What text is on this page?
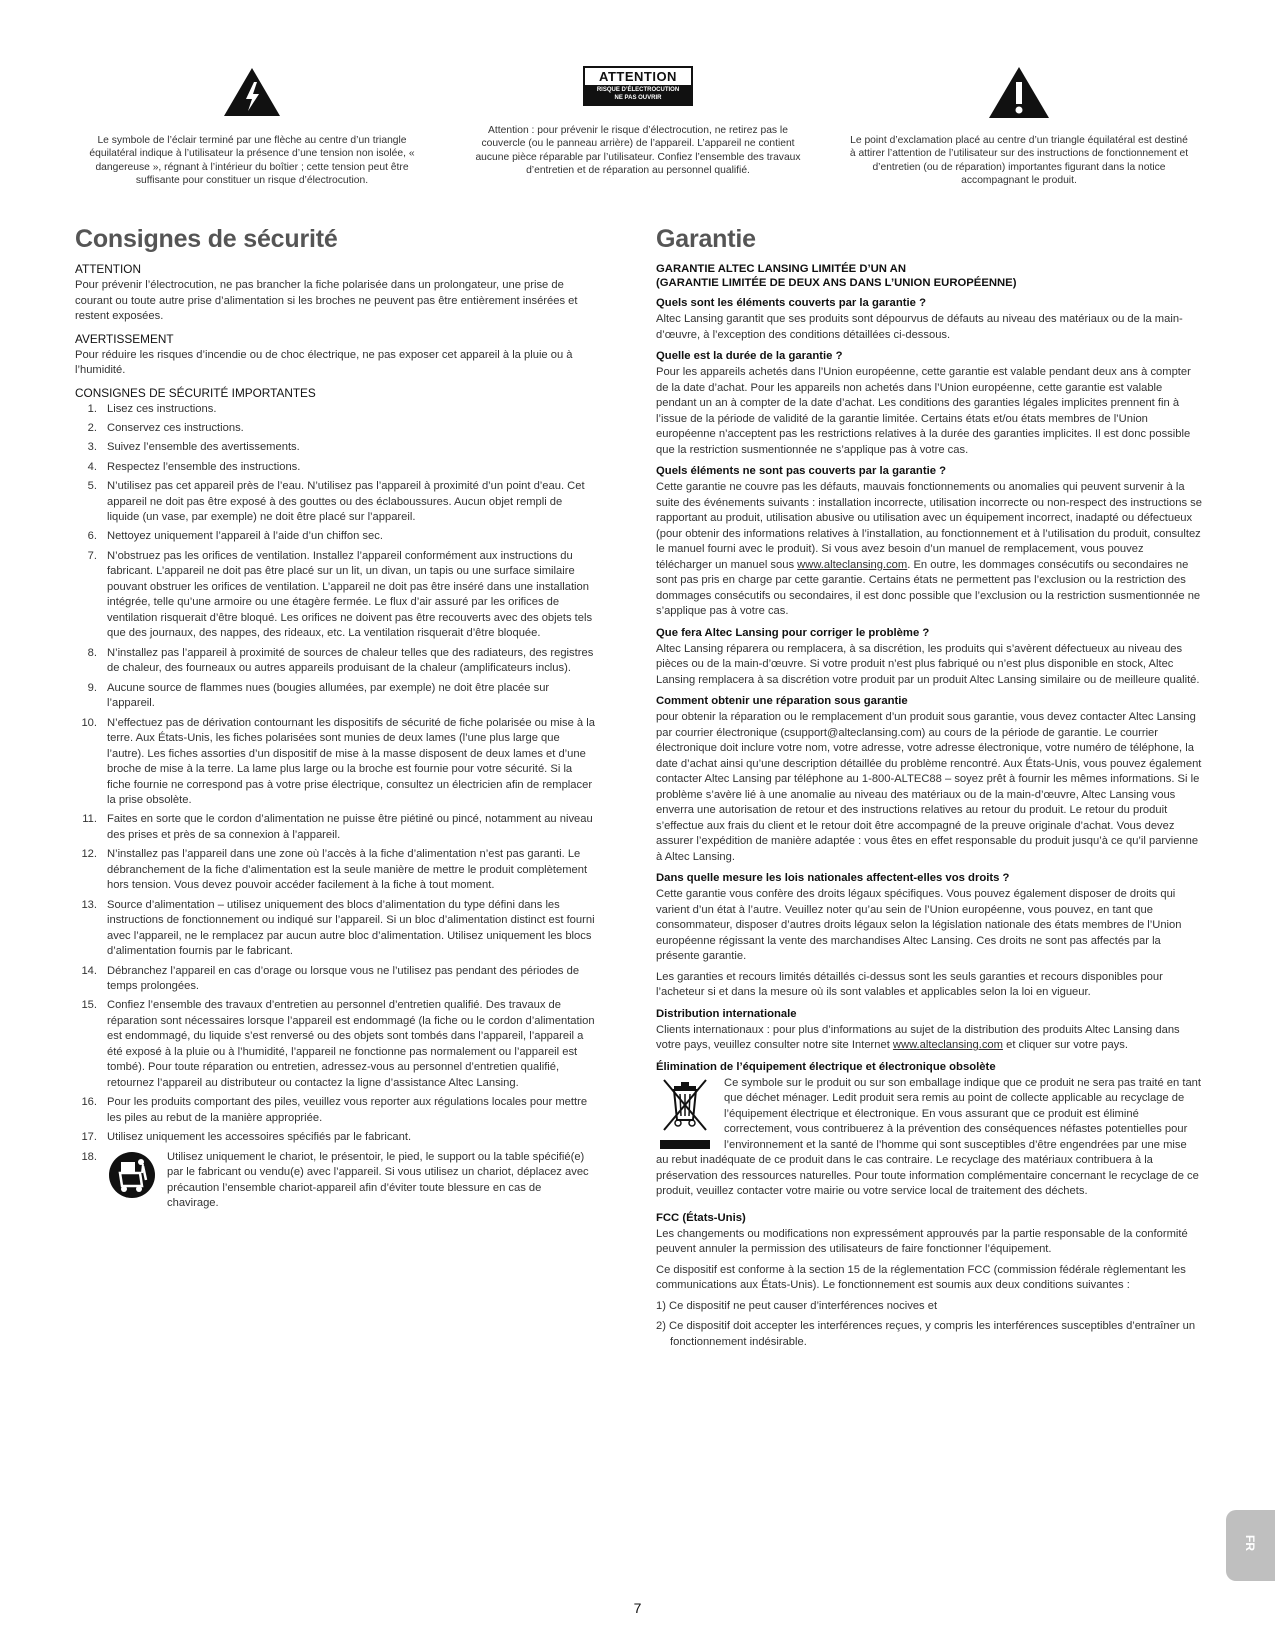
Le symbole de l’éclair terminé par une flèche au centre d’un triangle équilatéral indique à l’utilisateur la présence d’une tension non isolée, « dangereuse », régnant à l’intérieur du boîtier ; cette tension peut être suffisante pour constituer un risque d’électrocution.
ATTENTION
RISQUE D’ÉLECTROCUTION
NE PAS OUVRIR
Attention : pour prévenir le risque d’électrocution, ne retirez pas le couvercle (ou le panneau arrière) de l’appareil. L’appareil ne contient aucune pièce réparable par l’utilisateur. Confiez l’ensemble des travaux d’entretien et de réparation au personnel qualifié.
Le point d’exclamation placé au centre d’un triangle équilatéral est destiné à attirer l’attention de l’utilisateur sur des instructions de fonctionnement et d’entretien (ou de réparation) importantes figurant dans la notice accompagnant le produit.
Consignes de sécurité
ATTENTION

Pour prévenir l’électrocution, ne pas brancher la fiche polarisée dans un prolongateur, une prise de courant ou toute autre prise d’alimentation si les broches ne peuvent pas être entièrement insérées et restent exposées.

AVERTISSEMENT

Pour réduire les risques d’incendie ou de choc électrique, ne pas exposer cet appareil à la pluie ou à l’humidité.

CONSIGNES DE SÉCURITÉ IMPORTANTES
1. Lisez ces instructions.
2. Conservez ces instructions.
3. Suivez l’ensemble des avertissements.
4. Respectez l’ensemble des instructions.
5. N’utilisez pas cet appareil près de l’eau. N’utilisez pas l’appareil à proximité d’un point d’eau. Cet appareil ne doit pas être exposé à des gouttes ou des éclaboussures. Aucun objet rempli de liquide (un vase, par exemple) ne doit être placé sur l’appareil.
6. Nettoyez uniquement l’appareil à l’aide d’un chiffon sec.
7. N’obstruez pas les orifices de ventilation. Installez l’appareil conformément aux instructions du fabricant. L’appareil ne doit pas être placé sur un lit, un divan, un tapis ou une surface similaire pouvant obstruer les orifices de ventilation. L’appareil ne doit pas être inséré dans une installation intégrée, telle qu’une armoire ou une étagère fermée. Le flux d’air assuré par les orifices de ventilation risquerait d’être bloqué. Les orifices ne doivent pas être recouverts avec des objets tels que des journaux, des nappes, des rideaux, etc. La ventilation risquerait d’être bloquée.
8. N’installez pas l’appareil à proximité de sources de chaleur telles que des radiateurs, des registres de chaleur, des fourneaux ou autres appareils produisant de la chaleur (amplificateurs inclus).
9. Aucune source de flammes nues (bougies allumées, par exemple) ne doit être placée sur l’appareil.
10. N’effectuez pas de dérivation contournant les dispositifs de sécurité de fiche polarisée ou mise à la terre. Aux États-Unis, les fiches polarisées sont munies de deux lames (l’une plus large que l’autre). Les fiches assorties d’un dispositif de mise à la masse disposent de deux lames et d’une broche de mise à la terre. La lame plus large ou la broche est fournie pour votre sécurité. Si la fiche fournie ne correspond pas à votre prise électrique, consultez un électricien afin de remplacer la prise obsolète.
11. Faites en sorte que le cordon d’alimentation ne puisse être piétiné ou pincé, notamment au niveau des prises et près de sa connexion à l’appareil.
12. N’installez pas l’appareil dans une zone où l’accès à la fiche d’alimentation n’est pas garanti. Le débranchement de la fiche d’alimentation est la seule manière de mettre le produit complètement hors tension. Vous devez pouvoir accéder facilement à la fiche à tout moment.
13. Source d’alimentation – utilisez uniquement des blocs d’alimentation du type défini dans les instructions de fonctionnement ou indiqué sur l’appareil. Si un bloc d’alimentation distinct est fourni avec l’appareil, ne le remplacez par aucun autre bloc d’alimentation. Utilisez uniquement les blocs d’alimentation fournis par le fabricant.
14. Débranchez l’appareil en cas d’orage ou lorsque vous ne l’utilisez pas pendant des périodes de temps prolongées.
15. Confiez l’ensemble des travaux d’entretien au personnel d’entretien qualifié. Des travaux de réparation sont nécessaires lorsque l’appareil est endommagé (la fiche ou le cordon d’alimentation est endommagé, du liquide s’est renversé ou des objets sont tombés dans l’appareil, l’appareil a été exposé à la pluie ou à l’humidité, l’appareil ne fonctionne pas normalement ou l’appareil est tombé). Pour toute réparation ou entretien, adressez-vous au personnel d’entretien qualifié, retournez l’appareil au distributeur ou contactez la ligne d’assistance Altec Lansing.
16. Pour les produits comportant des piles, veuillez vous reporter aux régulations locales pour mettre les piles au rebut de la manière appropriée.
17. Utilisez uniquement les accessoires spécifiés par le fabricant.
18.	Utilisez uniquement le chariot, le présentoir, le pied, le support ou la table spécifié(e) par le fabricant ou vendu(e) avec l’appareil. Si vous utilisez un chariot, déplacez avec précaution l’ensemble chariot-appareil afin d’éviter toute blessure en cas de chavirage.
Garantie
GARANTIE ALTEC LANSING LIMITÉE D’UN AN
(GARANTIE LIMITÉE DE DEUX ANS DANS L’UNION EUROPÉENNE)
Quels sont les éléments couverts par la garantie ?

Altec Lansing garantit que ses produits sont dépourvus de défauts au niveau des matériaux ou de la main-d’œuvre, à l’exception des conditions détaillées ci-dessous.

Quelle est la durée de la garantie ?

Pour les appareils achetés dans l’Union européenne, cette garantie est valable pendant deux ans à compter de la date d’achat. Pour les appareils non achetés dans l’Union européenne, cette garantie est valable pendant un an à compter de la date d’achat. Les conditions des garanties légales implicites prennent fin à l’issue de la période de validité de la garantie limitée. Certains états et/ou états membres de l’Union européenne n’acceptent pas les restrictions relatives à la durée des garanties implicites. Il est donc possible que la restriction susmentionnée ne s’applique pas à votre cas.

Quels éléments ne sont pas couverts par la garantie ?

Cette garantie ne couvre pas les défauts, mauvais fonctionnements ou anomalies qui peuvent survenir à la suite des événements suivants : installation incorrecte, utilisation incorrecte ou non-respect des instructions se rapportant au produit, utilisation abusive ou utilisation avec un équipement incorrect, inadapté ou défectueux (pour obtenir des informations relatives à l’installation, au fonctionnement et à l’utilisation du produit, consultez le manuel fourni avec le produit). Si vous avez besoin d’un manuel de remplacement, vous pouvez télécharger un manuel sous www.alteclansing.com. En outre, les dommages consécutifs ou secondaires ne sont pas pris en charge par cette garantie. Certains états ne permettent pas l’exclusion ou la restriction des dommages consécutifs ou secondaires, il est donc possible que l’exclusion ou la restriction susmentionnée ne s’applique pas à votre cas.

Que fera Altec Lansing pour corriger le problème ?

Altec Lansing réparera ou remplacera, à sa discrétion, les produits qui s’avèrent défectueux au niveau des pièces ou de la main-d’œuvre. Si votre produit n’est plus fabriqué ou n’est plus disponible en stock, Altec Lansing remplacera à sa discrétion votre produit par un produit Altec Lansing similaire ou de meilleure qualité.

Comment obtenir une réparation sous garantie

pour obtenir la réparation ou le remplacement d’un produit sous garantie, vous devez contacter Altec Lansing par courrier électronique (csupport@alteclansing.com) au cours de la période de garantie. Le courrier électronique doit inclure votre nom, votre adresse, votre adresse électronique, votre numéro de téléphone, la date d’achat ainsi qu’une description détaillée du problème rencontré. Aux États-Unis, vous pouvez également contacter Altec Lansing par téléphone au 1-800-ALTEC88 – soyez prêt à fournir les mêmes informations. Si le problème s’avère lié à une anomalie au niveau des matériaux ou de la main-d’œuvre, Altec Lansing vous enverra une autorisation de retour et des instructions relatives au retour du produit. Le retour du produit s’effectue aux frais du client et le retour doit être accompagné de la preuve originale d’achat. Vous devez assurer l’expédition de manière adaptée : vous êtes en effet responsable du produit jusqu’à ce qu’il parvienne à Altec Lansing.

Dans quelle mesure les lois nationales affectent-elles vos droits ?

Cette garantie vous confère des droits légaux spécifiques. Vous pouvez également disposer de droits qui varient d’un état à l’autre. Veuillez noter qu’au sein de l’Union européenne, vous pouvez, en tant que consommateur, disposer d’autres droits légaux selon la législation nationale des états membres de l’Union européenne régissant la vente des marchandises Altec Lansing. Ces droits ne sont pas affectés par la présente garantie.

Les garanties et recours limités détaillés ci-dessus sont les seuls garanties et recours disponibles pour l’acheteur si et dans la mesure où ils sont valables et applicables selon la loi en vigueur.

Distribution internationale

Clients internationaux : pour plus d’informations au sujet de la distribution des produits Altec Lansing dans votre pays, veuillez consulter notre site Internet www.alteclansing.com et cliquer sur votre pays.

Élimination de l’équipement électrique et électronique obsolète

Ce symbole sur le produit ou sur son emballage indique que ce produit ne sera pas traité en tant que déchet ménager. Ledit produit sera remis au point de collecte applicable au recyclage de l’équipement électrique et électronique. En vous assurant que ce produit est éliminé correctement, vous contribuerez à la prévention des conséquences néfastes potentielles pour l’environnement et la santé de l’homme qui sont susceptibles d’être engendrées par une mise au rebut inadéquate de ce produit dans le cas contraire. Le recyclage des matériaux contribuera à la préservation des ressources naturelles. Pour toute information complémentaire concernant le recyclage de ce produit, veuillez contacter votre mairie ou votre service local de traitement des déchets.

FCC (États-Unis)

Les changements ou modifications non expressément approuvés par la partie responsable de la conformité peuvent annuler la permission des utilisateurs de faire fonctionner l’équipement.

Ce dispositif est conforme à la section 15 de la réglementation FCC (commission fédérale règlementant les communications aux États-Unis). Le fonctionnement est soumis aux deux conditions suivantes :

1) Ce dispositif ne peut causer d’interférences nocives et

2) Ce dispositif doit accepter les interférences reçues, y compris les interférences susceptibles d’entraîner un fonctionnement indésirable.

FR
7
